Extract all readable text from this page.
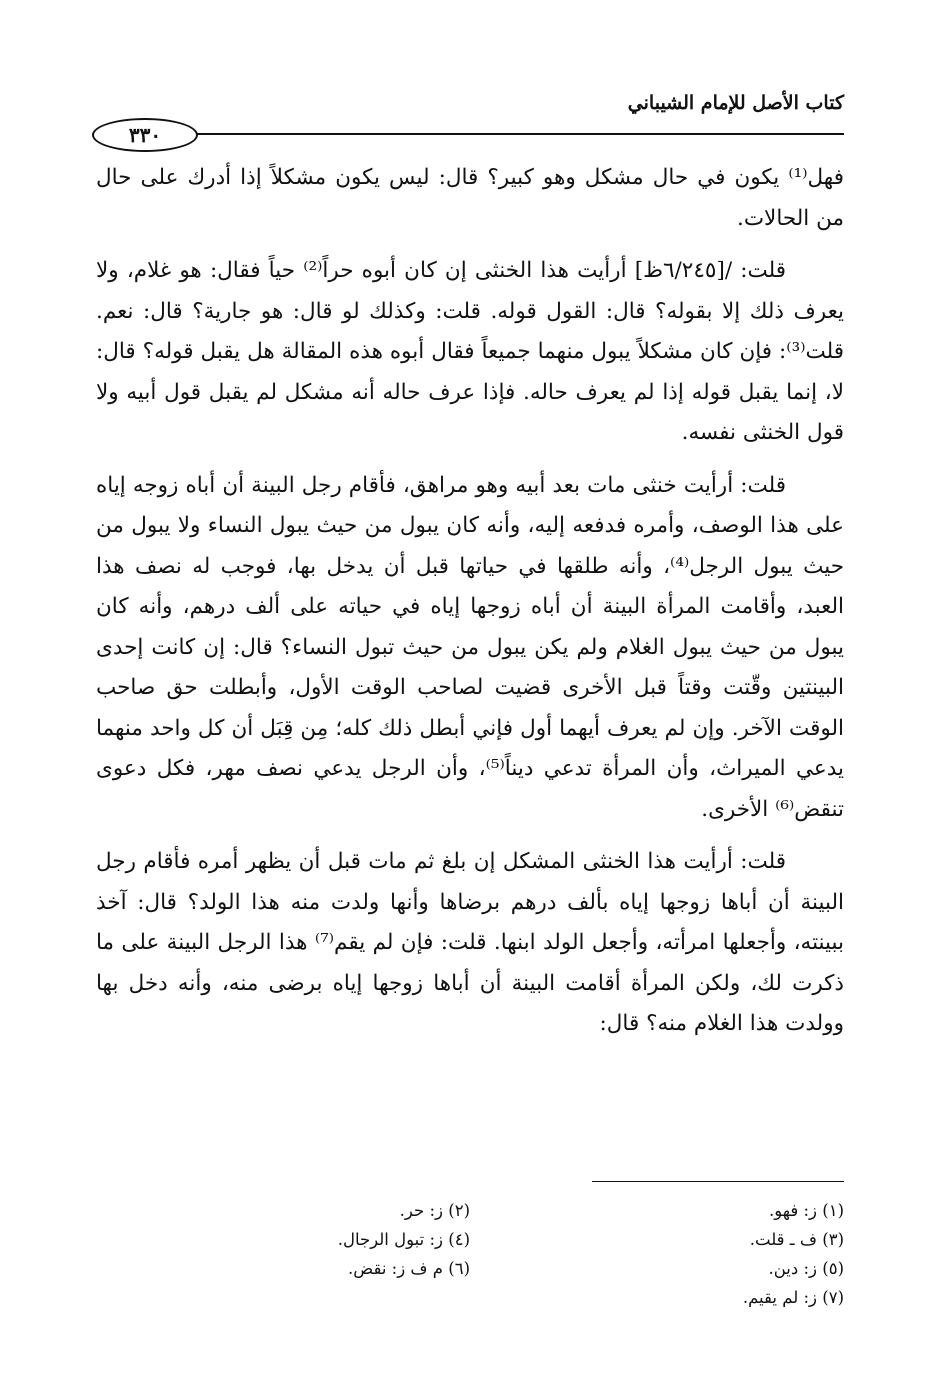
كتاب الأصل للإمام الشيباني
٣٣٠

فهل⁽¹⁾ يكون في حال مشكل وهو كبير؟ قال: ليس يكون مشكلاً إذا أدرك على حال من الحالات.

قلت: /[٦/٢٤٥ظ] أرأيت هذا الخنثى إن كان أبوه حراً⁽²⁾ حياً فقال: هو غلام، ولا يعرف ذلك إلا بقوله؟ قال: القول قوله. قلت: وكذلك لو قال: هو جارية؟ قال: نعم. قلت⁽³⁾: فإن كان مشكلاً يبول منهما جميعاً فقال أبوه هذه المقالة هل يقبل قوله؟ قال: لا، إنما يقبل قوله إذا لم يعرف حاله. فإذا عرف حاله أنه مشكل لم يقبل قول أبيه ولا قول الخنثى نفسه.

قلت: أرأيت خنثى مات بعد أبيه وهو مراهق، فأقام رجل البينة أن أباه زوجه إياه على هذا الوصف، وأمره فدفعه إليه، وأنه كان يبول من حيث يبول النساء ولا يبول من حيث يبول الرجل⁽⁴⁾، وأنه طلقها في حياتها قبل أن يدخل بها، فوجب له نصف هذا العبد، وأقامت المرأة البينة أن أباه زوجها إياه في حياته على ألف درهم، وأنه كان يبول من حيث يبول الغلام ولم يكن يبول من حيث تبول النساء؟ قال: إن كانت إحدى البينتين وقّتت وقتاً قبل الأخرى قضيت لصاحب الوقت الأول، وأبطلت حق صاحب الوقت الآخر. وإن لم يعرف أيهما أول فإني أبطل ذلك كله؛ مِن قِبَل أن كل واحد منهما يدعي الميراث، وأن المرأة تدعي ديناً⁽⁵⁾، وأن الرجل يدعي نصف مهر، فكل دعوى تنقض⁽⁶⁾ الأخرى.

قلت: أرأيت هذا الخنثى المشكل إن بلغ ثم مات قبل أن يظهر أمره فأقام رجل البينة أن أباها زوجها إياه بألف درهم برضاها وأنها ولدت منه هذا الولد؟ قال: آخذ ببينته، وأجعلها امرأته، وأجعل الولد ابنها. قلت: فإن لم يقم⁽⁷⁾ هذا الرجل البينة على ما ذكرت لك، ولكن المرأة أقامت البينة أن أباها زوجها إياه برضى منه، وأنه دخل بها وولدت هذا الغلام منه؟ قال:

(١) ز: فهو.
(٢) ز: حر.
(٣) ف ـ قلت.
(٤) ز: تبول الرجال.
(٥) ز: دين.
(٦) م ف ز: نقض.
(٧) ز: لم يقيم.
